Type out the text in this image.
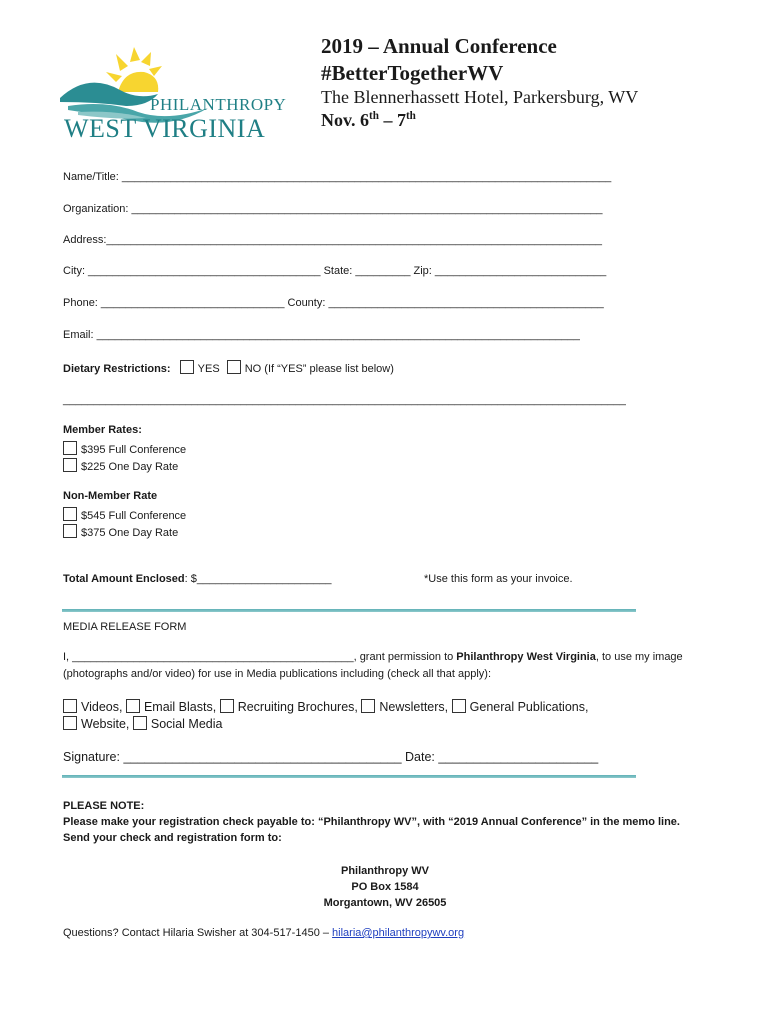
PHILANTHROPY
WEST VIRGINIA
2019 – Annual Conference
#BetterTogetherWV
The Blennerhassett Hotel, Parkersburg, WV
Nov. 6th – 7th
Name/Title: ________________________________________________________________________________
Organization: _____________________________________________________________________________
Address:_________________________________________________________________________________
City: ______________________________________ State: _________ Zip: ____________________________
Phone: ______________________________ County: _____________________________________________
Email: _______________________________________________________________________________
Dietary Restrictions: YES NO (If “YES” please list below)
____________________________________________________________________________________________
Member Rates:
$395 Full Conference
$225 One Day Rate
Non-Member Rate
$545 Full Conference
$375 One Day Rate
Total Amount Enclosed: $______________________	*Use this form as your invoice.
MEDIA RELEASE FORM
I, ______________________________________________, grant permission to Philanthropy West Virginia, to use my image
(photographs and/or video) for use in Media publications including (check all that apply):
Videos, Email Blasts, Recruiting Brochures, Newsletters, General Publications,
Website, Social Media
Signature: ________________________________________ Date: _______________________
PLEASE NOTE:
Please make your registration check payable to: “Philanthropy WV”, with “2019 Annual Conference” in the memo line.
Send your check and registration form to:
Philanthropy WV
PO Box 1584
Morgantown, WV 26505
Questions? Contact Hilaria Swisher at 304-517-1450 – hilaria@philanthropywv.org
